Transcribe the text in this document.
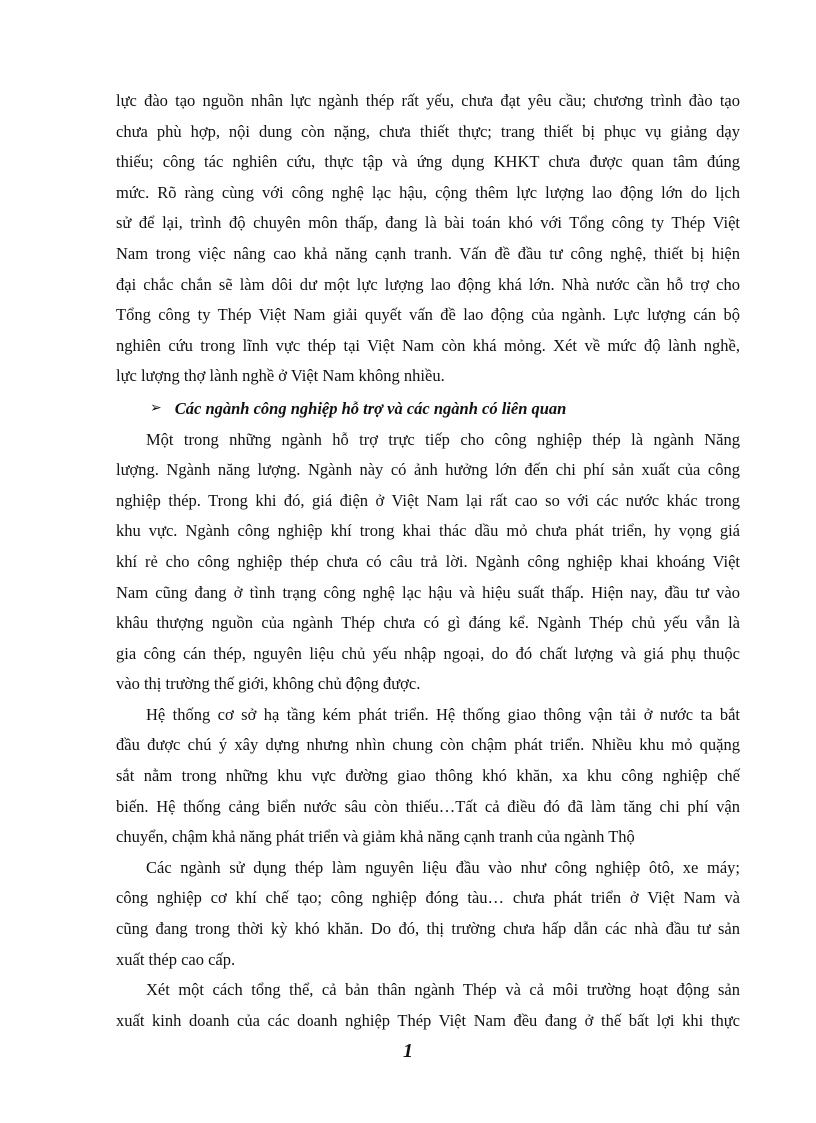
lực đào tạo nguồn nhân lực ngành thép rất yếu, chưa đạt yêu cầu; chương trình đào tạo
chưa phù hợp, nội dung còn nặng, chưa thiết thực; trang thiết bị phục vụ giảng dạy
thiếu; công tác nghiên cứu, thực tập và ứng dụng KHKT chưa được quan tâm đúng
mức. Rõ ràng cùng với công nghệ lạc hậu, cộng thêm lực lượng lao động lớn do lịch
sử để lại, trình độ chuyên môn thấp, đang là bài toán khó với Tổng công ty Thép Việt
Nam trong việc nâng cao khả năng cạnh tranh. Vấn đề đầu tư công nghệ, thiết bị hiện
đại chắc chắn sẽ làm dôi dư một lực lượng lao động khá lớn. Nhà nước cần hỗ trợ cho
Tổng công ty Thép Việt Nam giải quyết vấn đề lao động của ngành. Lực lượng cán bộ
nghiên cứu trong lĩnh vực thép tại Việt Nam còn khá mỏng. Xét về mức độ lành nghề,
lực lượng thợ lành nghề ở Việt Nam không nhiều.
➢ Các ngành công nghiệp hỗ trợ và các ngành có liên quan
Một trong những ngành hỗ trợ trực tiếp cho công nghiệp thép là ngành Năng
lượng. Ngành năng lượng. Ngành này có ảnh hưởng lớn đến chi phí sản xuất của công
nghiệp thép. Trong khi đó, giá điện ở Việt Nam lại rất cao so với các nước khác trong
khu vực. Ngành công nghiệp khí trong khai thác dầu mỏ chưa phát triển, hy vọng giá
khí rẻ cho công nghiệp thép chưa có câu trả lời. Ngành công nghiệp khai khoáng Việt
Nam cũng đang ở tình trạng công nghệ lạc hậu và hiệu suất thấp. Hiện nay, đầu tư vào
khâu thượng nguồn của ngành Thép chưa có gì đáng kể. Ngành Thép chủ yếu vẫn là
gia công cán thép, nguyên liệu chủ yếu nhập ngoại, do đó chất lượng và giá phụ thuộc
vào thị trường thế giới, không chủ động được.
Hệ thống cơ sở hạ tầng kém phát triển. Hệ thống giao thông vận tải ở nước ta bắt
đầu được chú ý xây dựng nhưng nhìn chung còn chậm phát triển. Nhiều khu mỏ quặng
sắt nằm trong những khu vực đường giao thông khó khăn, xa khu công nghiệp chế
biến. Hệ thống cảng biển nước sâu còn thiếu…Tất cả điều đó đã làm tăng chi phí vận
chuyển, chậm khả năng phát triển và giảm khả năng cạnh tranh của ngành Thộ
Các ngành sử dụng thép làm nguyên liệu đầu vào như công nghiệp ôtô, xe máy;
công nghiệp cơ khí chế tạo; công nghiệp đóng tàu… chưa phát triển ở Việt Nam và
cũng đang trong thời kỳ khó khăn. Do đó, thị trường chưa hấp dẫn các nhà đầu tư sản
xuất thép cao cấp.
Xét một cách tổng thể, cả bản thân ngành Thép và cả môi trường hoạt động sản
xuất kinh doanh của các doanh nghiệp Thép Việt Nam đều đang ở thế bất lợi khi thực
1
